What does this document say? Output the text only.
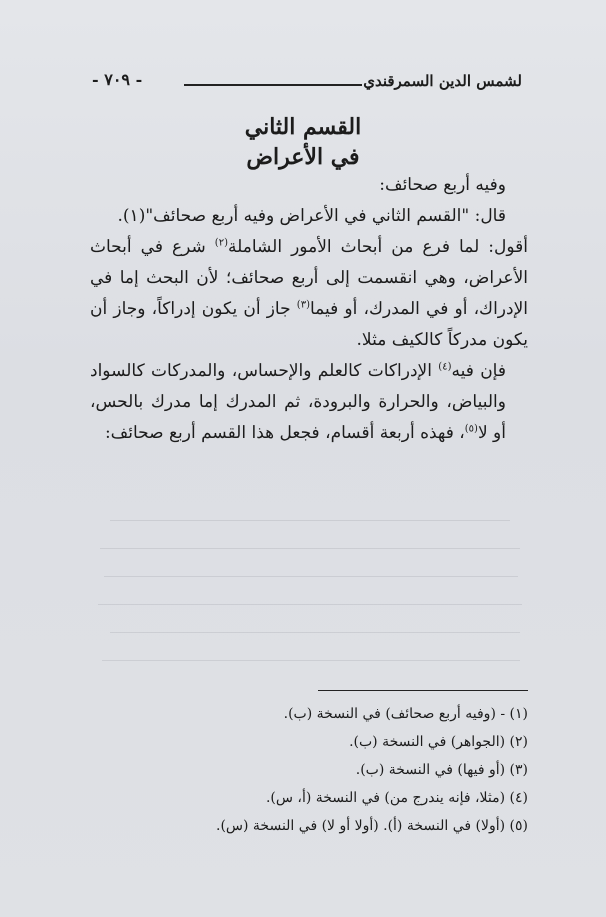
لشمس الدين السمرقندي
- ٧٠٩ -
القسم الثاني
في الأعراض

وفيه أربع صحائف:

قال: "القسم الثاني في الأعراض وفيه أربع صحائف"(١).

أقول: لما فرع من أبحاث الأمور الشاملة$^{(٢)}$ شرع في أبحاث الأعراض، وهي انقسمت إلى أربع صحائف؛ لأن البحث إما في الإدراك، أو في المدرك، أو فيما$^{(٣)}$ جاز أن يكون إدراكاً، وجاز أن يكون مدركاً كالكيف مثلا.

فإن فيه$^{(٤)}$ الإدراكات كالعلم والإحساس، والمدركات كالسواد والبياض، والحرارة والبرودة، ثم المدرك إما مدرك بالحس، أو لا$^{(٥)}$، فهذه أربعة أقسام، فجعل هذا القسم أربع صحائف:

(١) - (وفيه أربع صحائف) في النسخة (ب).
(٢) (الجواهر) في النسخة (ب).
(٣) (أو فيها) في النسخة (ب).
(٤) (مثلا، فإنه يندرج من) في النسخة (أ، س).
(٥) (أولا) في النسخة (أ). (أولا أو لا) في النسخة (س).
